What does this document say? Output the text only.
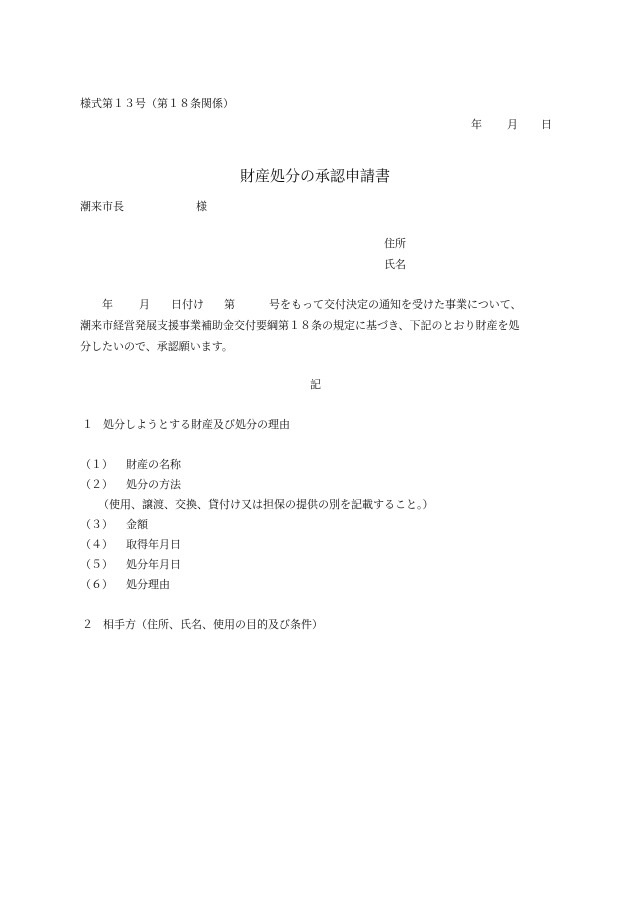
様式第１３号（第１８条関係）
年 月 日
財産処分の承認申請書
潮来市長	様
住所
氏名
年 月 日付け 第	号をもって交付決定の通知を受けた事業について、
潮来市経営発展支援事業補助金交付要綱第１８条の規定に基づき、下記のとおり財産を処
分したいので、承認願います。
記
１ 処分しようとする財産及び処分の理由
（１） 財産の名称
（２） 処分の方法
（使用、譲渡、交換、貸付け又は担保の提供の別を記載すること。）
（３） 金額
（４） 取得年月日
（５） 処分年月日
（６） 処分理由
２ 相手方（住所、氏名、使用の目的及び条件）
